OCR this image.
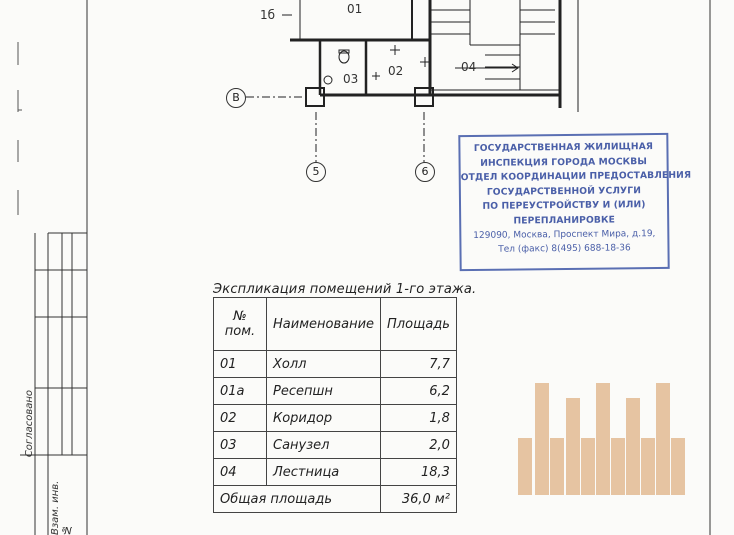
1б	01
03
02	04
В
5	6
Согласовано
Взам. инв. №
ГОСУДАРСТВЕННАЯ ЖИЛИЩНАЯ
ИНСПЕКЦИЯ ГОРОДА МОСКВЫ
ОТДЕЛ КООРДИНАЦИИ ПРЕДОСТАВЛЕНИЯ
ГОСУДАРСТВЕННОЙ УСЛУГИ
ПО ПЕРЕУСТРОЙСТВУ И (ИЛИ)
ПЕРЕПЛАНИРОВКЕ
129090, Москва, Проспект Мира, д.19,
Тел (факс) 8(495) 688-18-36
Экспликация помещений 1-го этажа.
№ пом.	Наименование	Площадь
01	Холл	7,7
01а	Ресепшн	6,2
02	Коридор	1,8
03	Санузел	2,0
04	Лестница	18,3
Общая площадь		36,0 м²
